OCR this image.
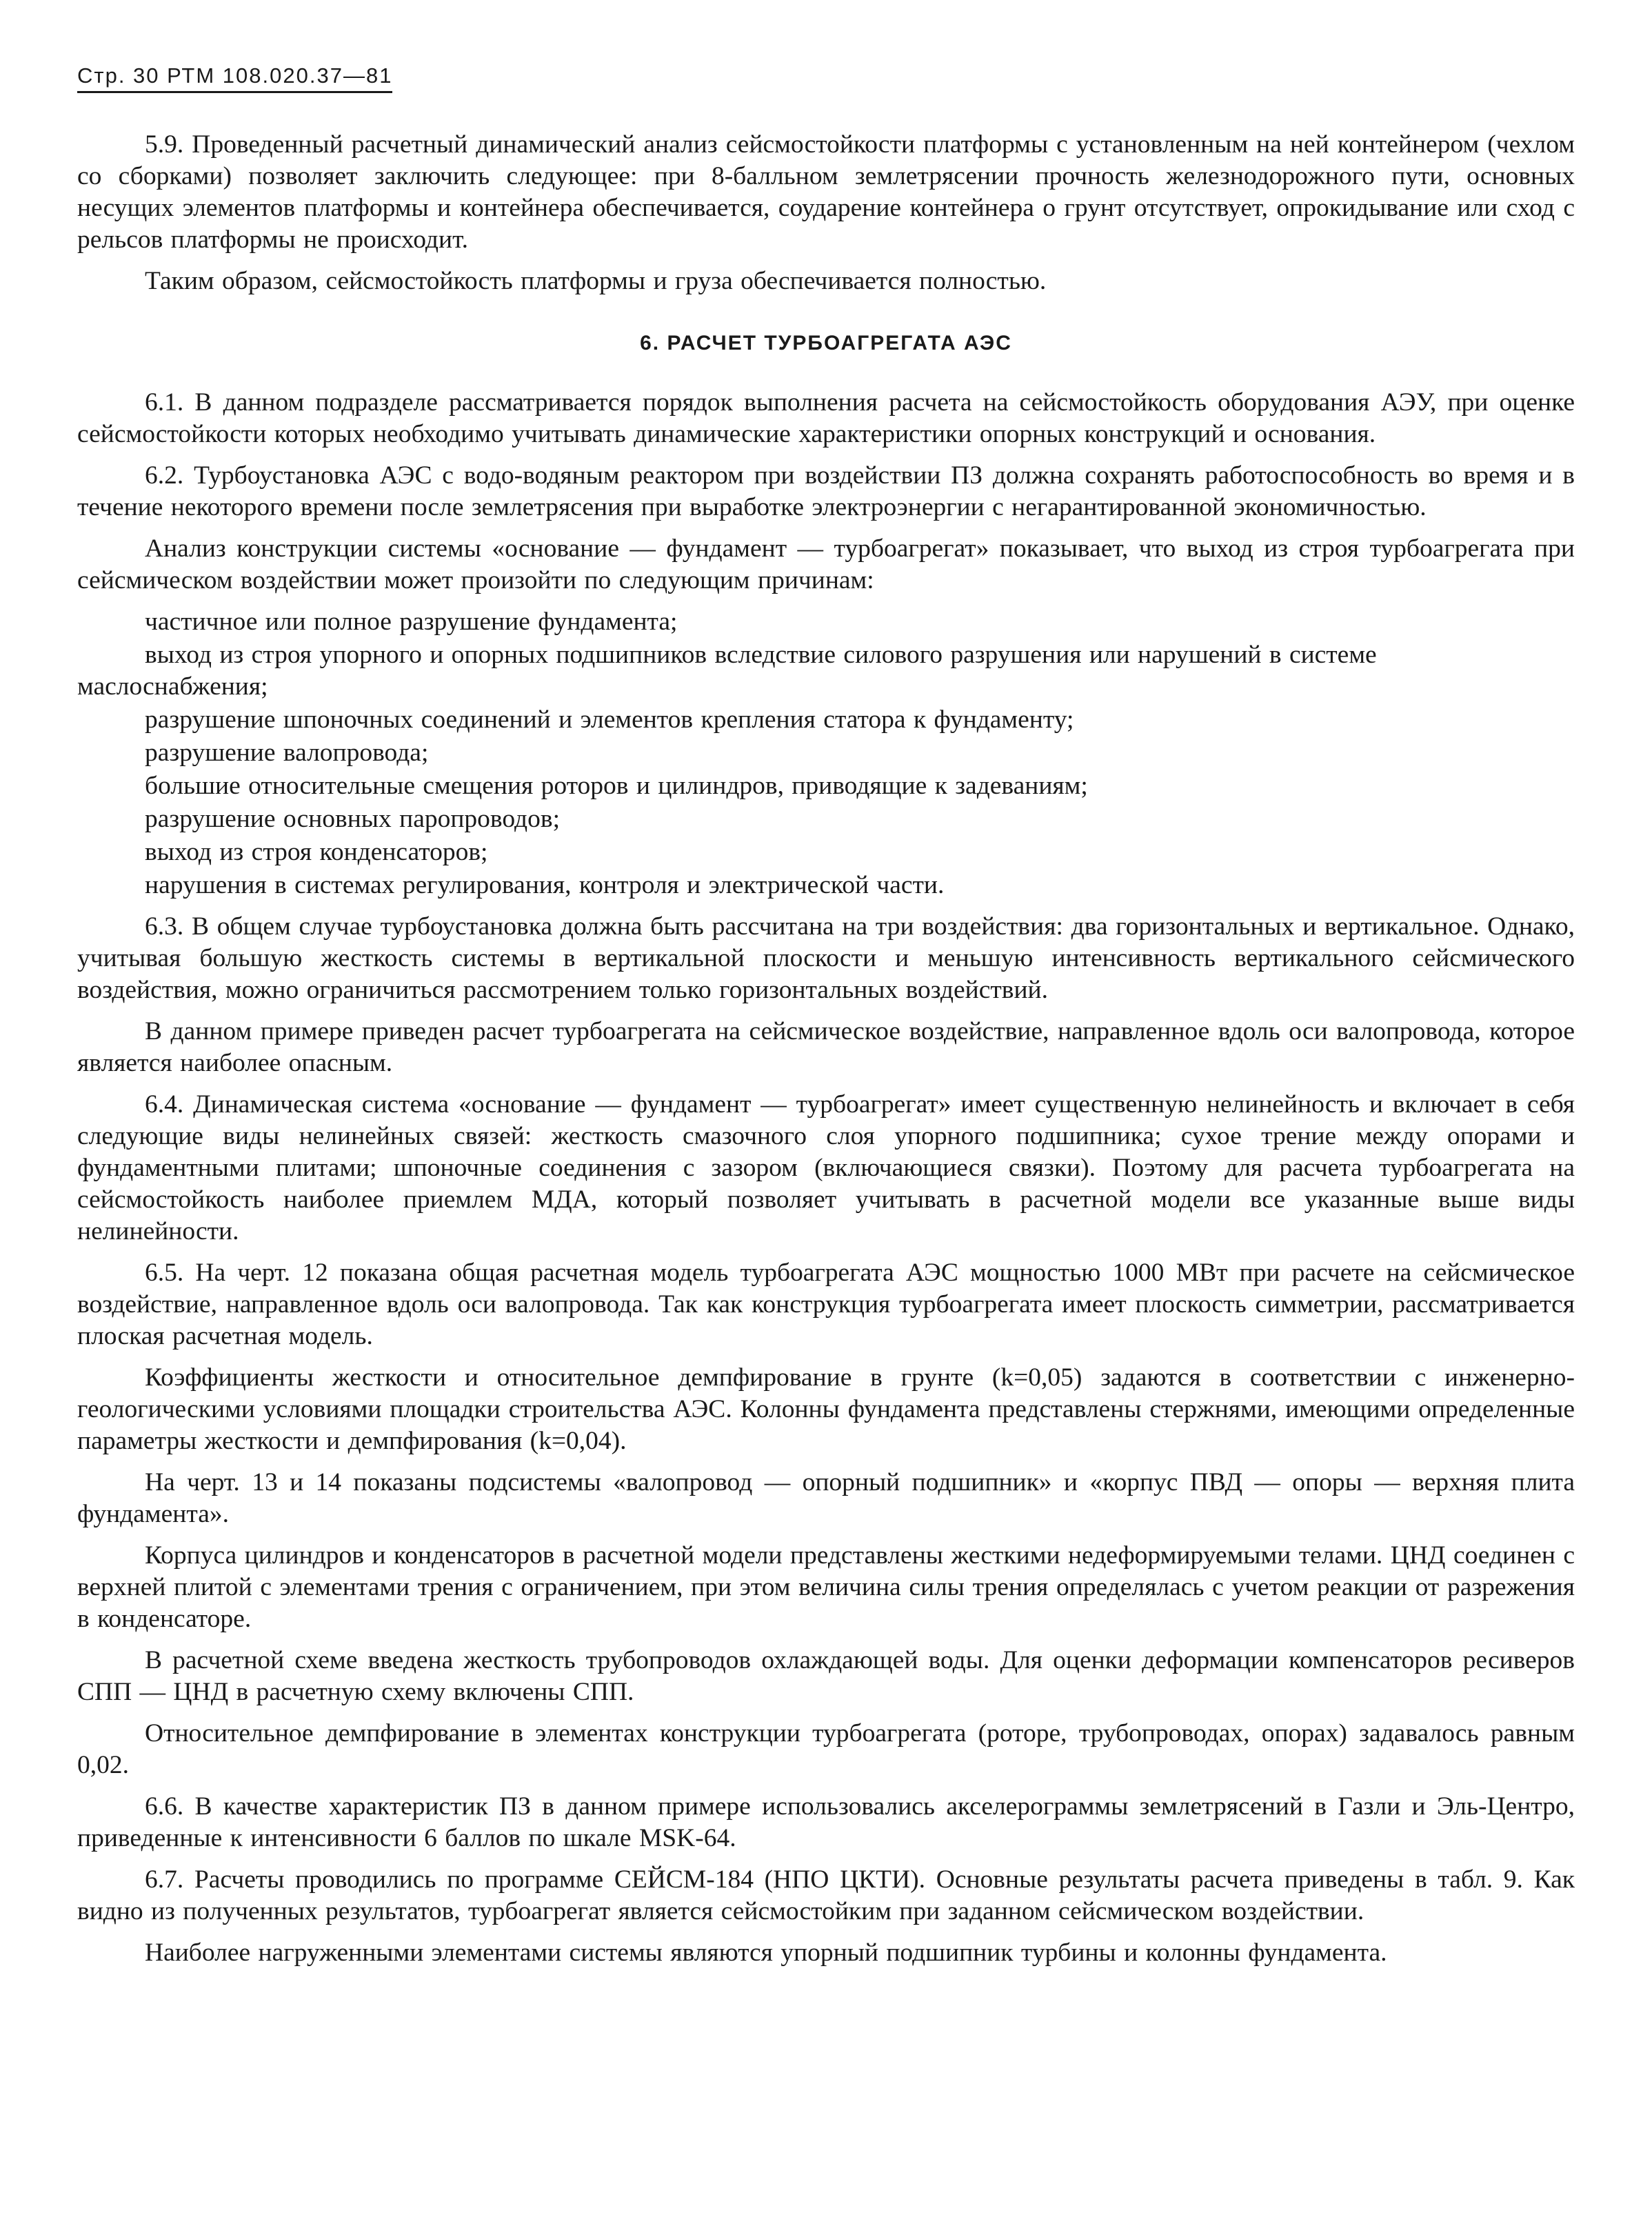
Стр. 30 РТМ 108.020.37—81

5.9. Проведенный расчетный динамический анализ сейсмостойкости платформы с установленным на ней контейнером (чехлом со сборками) позволяет заключить следующее: при 8-балльном землетрясении прочность железнодорожного пути, основных несущих элементов платформы и контейнера обеспечивается, соударение контейнера о грунт отсутствует, опрокидывание или сход с рельсов платформы не происходит.

Таким образом, сейсмостойкость платформы и груза обеспечивается полностью.

6. РАСЧЕТ ТУРБОАГРЕГАТА АЭС

6.1. В данном подразделе рассматривается порядок выполнения расчета на сейсмостойкость оборудования АЭУ, при оценке сейсмостойкости которых необходимо учитывать динамические характеристики опорных конструкций и основания.

6.2. Турбоустановка АЭС с водо-водяным реактором при воздействии ПЗ должна сохранять работоспособность во время и в течение некоторого времени после землетрясения при выработке электроэнергии с негарантированной экономичностью.

Анализ конструкции системы «основание — фундамент — турбоагрегат» показывает, что выход из строя турбоагрегата при сейсмическом воздействии может произойти по следующим причинам:

частичное или полное разрушение фундамента;

выход из строя упорного и опорных подшипников вследствие силового разрушения или нарушений в системе маслоснабжения;

разрушение шпоночных соединений и элементов крепления статора к фундаменту;

разрушение валопровода;

большие относительные смещения роторов и цилиндров, приводящие к задеваниям;

разрушение основных паропроводов;

выход из строя конденсаторов;

нарушения в системах регулирования, контроля и электрической части.

6.3. В общем случае турбоустановка должна быть рассчитана на три воздействия: два горизонтальных и вертикальное. Однако, учитывая большую жесткость системы в вертикальной плоскости и меньшую интенсивность вертикального сейсмического воздействия, можно ограничиться рассмотрением только горизонтальных воздействий.

В данном примере приведен расчет турбоагрегата на сейсмическое воздействие, направленное вдоль оси валопровода, которое является наиболее опасным.

6.4. Динамическая система «основание — фундамент — турбоагрегат» имеет существенную нелинейность и включает в себя следующие виды нелинейных связей: жесткость смазочного слоя упорного подшипника; сухое трение между опорами и фундаментными плитами; шпоночные соединения с зазором (включающиеся связки). Поэтому для расчета турбоагрегата на сейсмостойкость наиболее приемлем МДА, который позволяет учитывать в расчетной модели все указанные выше виды нелинейности.

6.5. На черт. 12 показана общая расчетная модель турбоагрегата АЭС мощностью 1000 МВт при расчете на сейсмическое воздействие, направленное вдоль оси валопровода. Так как конструкция турбоагрегата имеет плоскость симметрии, рассматривается плоская расчетная модель.

Коэффициенты жесткости и относительное демпфирование в грунте (k=0,05) задаются в соответствии с инженерно-геологическими условиями площадки строительства АЭС. Колонны фундамента представлены стержнями, имеющими определенные параметры жесткости и демпфирования (k=0,04).

На черт. 13 и 14 показаны подсистемы «валопровод — опорный подшипник» и «корпус ПВД — опоры — верхняя плита фундамента».

Корпуса цилиндров и конденсаторов в расчетной модели представлены жесткими недеформируемыми телами. ЦНД соединен с верхней плитой с элементами трения с ограничением, при этом величина силы трения определялась с учетом реакции от разрежения в конденсаторе.

В расчетной схеме введена жесткость трубопроводов охлаждающей воды. Для оценки деформации компенсаторов ресиверов СПП — ЦНД в расчетную схему включены СПП.

Относительное демпфирование в элементах конструкции турбоагрегата (роторе, трубопроводах, опорах) задавалось равным 0,02.

6.6. В качестве характеристик ПЗ в данном примере использовались акселерограммы землетрясений в Газли и Эль-Центро, приведенные к интенсивности 6 баллов по шкале MSK-64.

6.7. Расчеты проводились по программе СЕЙСМ-184 (НПО ЦКТИ). Основные результаты расчета приведены в табл. 9. Как видно из полученных результатов, турбоагрегат является сейсмостойким при заданном сейсмическом воздействии.

Наиболее нагруженными элементами системы являются упорный подшипник турбины и колонны фундамента.
